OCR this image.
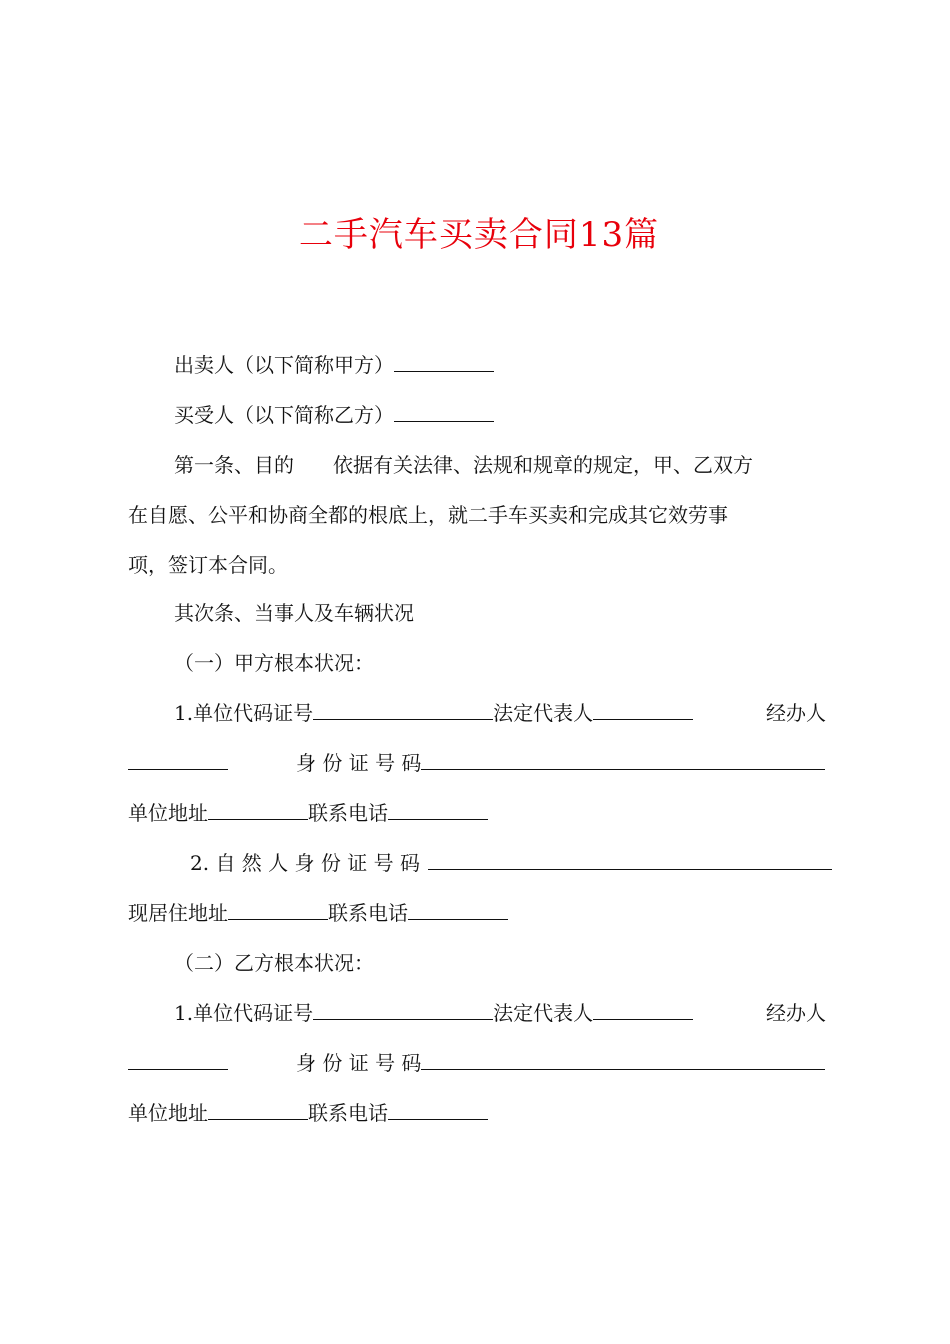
二手汽车买卖合同13篇
出卖人（以下简称甲方）
买受人（以下简称乙方）
第一条、目的 依据有关法律、法规和规章的规定，甲、乙双方
在自愿、公平和协商全都的根底上，就二手车买卖和完成其它效劳事
项，签订本合同。
其次条、当事人及车辆状况
（一）甲方根本状况：
1.单位代码证号	法定代表人	经办人
身 份 证 号 码
单位地址	联系电话
2. 自 然 人 身 份 证 号 码
现居住地址	联系电话
（二）乙方根本状况：
1.单位代码证号	法定代表人	经办人
身 份 证 号 码
单位地址	联系电话
